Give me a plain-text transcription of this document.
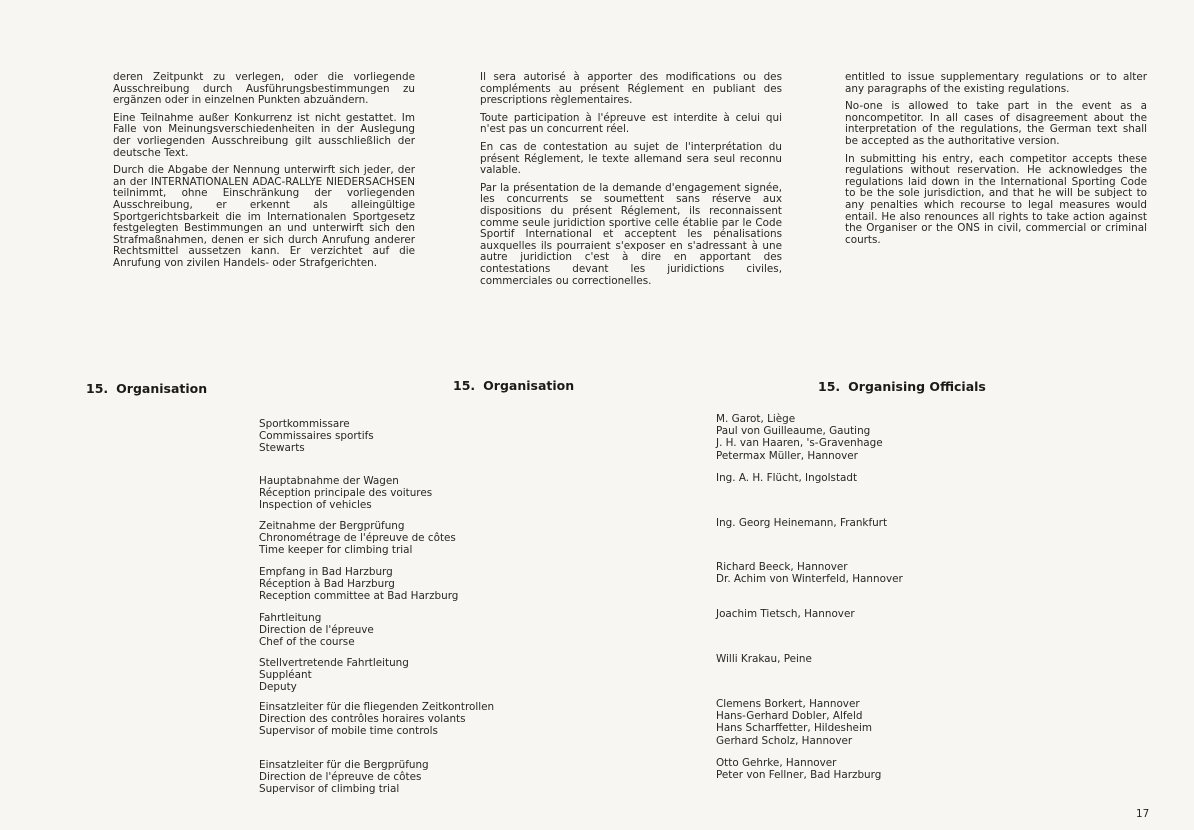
deren Zeitpunkt zu verlegen, oder die vorliegende Ausschreibung durch Ausführungsbestimmungen zu ergänzen oder in einzelnen Punkten abzuändern.

Eine Teilnahme außer Konkurrenz ist nicht gestattet. Im Falle von Meinungsverschiedenheiten in der Auslegung der vorliegenden Ausschreibung gilt ausschließlich der deutsche Text.

Durch die Abgabe der Nennung unterwirft sich jeder, der an der INTERNATIONALEN ADAC-RALLYE NIEDERSACHSEN teilnimmt, ohne Einschränkung der vorliegenden Ausschreibung, er erkennt als alleingültige Sportgerichtsbarkeit die im Internationalen Sportgesetz festgelegten Bestimmungen an und unterwirft sich den Strafmaßnahmen, denen er sich durch Anrufung anderer Rechtsmittel aussetzen kann. Er verzichtet auf die Anrufung von zivilen Handels- oder Strafgerichten.

Il sera autorisé à apporter des modifications ou des compléments au présent Réglement en publiant des prescriptions règlementaires.

Toute participation à l'épreuve est interdite à celui qui n'est pas un concurrent réel.

En cas de contestation au sujet de l'interprétation du présent Réglement, le texte allemand sera seul reconnu valable.

Par la présentation de la demande d'engagement signée, les concurrents se soumettent sans réserve aux dispositions du présent Réglement, ils reconnaissent comme seule juridiction sportive celle établie par le Code Sportif International et acceptent les pénalisations auxquelles ils pourraient s'exposer en s'adressant à une autre juridiction c'est à dire en apportant des contestations devant les juridictions civiles, commerciales ou correctionelles.

entitled to issue supplementary regulations or to alter any paragraphs of the existing regulations.

No-one is allowed to take part in the event as a noncompetitor. In all cases of disagreement about the interpretation of the regulations, the German text shall be accepted as the authoritative version.

In submitting his entry, each competitor accepts these regulations without reservation. He acknowledges the regulations laid down in the International Sporting Code to be the sole jurisdiction, and that he will be subject to any penalties which recourse to legal measures would entail. He also renounces all rights to take action against the Organiser or the ONS in civil, commercial or criminal courts.

15. Organisation	15. Organisation	15. Organising Officials
Sportkommissare
Commissaires sportifs
Stewarts
Hauptabnahme der Wagen
Réception principale des voitures
Inspection of vehicles
Zeitnahme der Bergprüfung
Chronométrage de l'épreuve de côtes
Time keeper for climbing trial
Empfang in Bad Harzburg
Réception à Bad Harzburg
Reception committee at Bad Harzburg
Fahrtleitung
Direction de l'épreuve
Chef of the course
Stellvertretende Fahrtleitung
Suppléant
Deputy
Einsatzleiter für die fliegenden Zeitkontrollen
Direction des contrôles horaires volants
Supervisor of mobile time controls
Einsatzleiter für die Bergprüfung
Direction de l'épreuve de côtes
Supervisor of climbing trial
M. Garot, Liège
Paul von Guilleaume, Gauting
J. H. van Haaren, 's-Gravenhage
Petermax Müller, Hannover
Ing. A. H. Flücht, Ingolstadt
Ing. Georg Heinemann, Frankfurt
Richard Beeck, Hannover
Dr. Achim von Winterfeld, Hannover
Joachim Tietsch, Hannover
Willi Krakau, Peine
Clemens Borkert, Hannover
Hans-Gerhard Dobler, Alfeld
Hans Scharffetter, Hildesheim
Gerhard Scholz, Hannover
Otto Gehrke, Hannover
Peter von Fellner, Bad Harzburg
17
